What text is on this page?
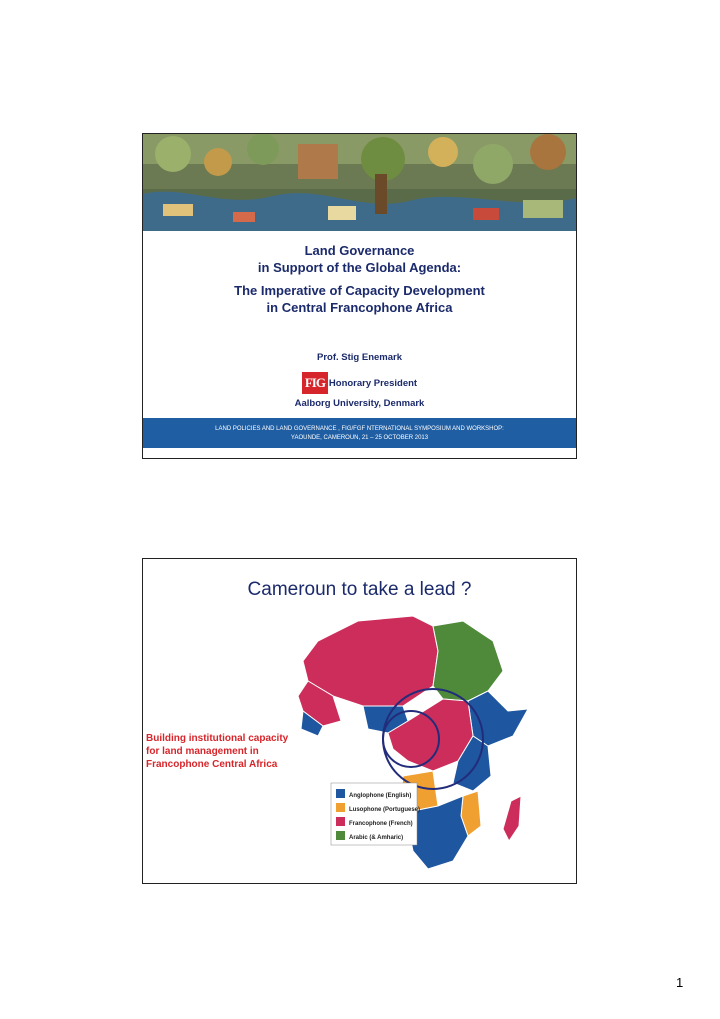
Land Governance
in Support of the Global Agenda:
The Imperative of Capacity Development
in Central Francophone Africa
Prof. Stig Enemark
FIG Honorary President
Aalborg University, Denmark
LAND POLICIES AND LAND GOVERNANCE , FIG/FGF NTERNATIONAL SYMPOSIUM AND WORKSHOP:
YAOUNDE, CAMEROUN, 21 – 25 OCTOBER 2013
Cameroun to take a lead ?
Anglophone (English)
Lusophone (Portuguese)
Francophone (French)
Arabic (& Amharic)
Building institutional capacity
for land management in
Francophone Central Africa
1
